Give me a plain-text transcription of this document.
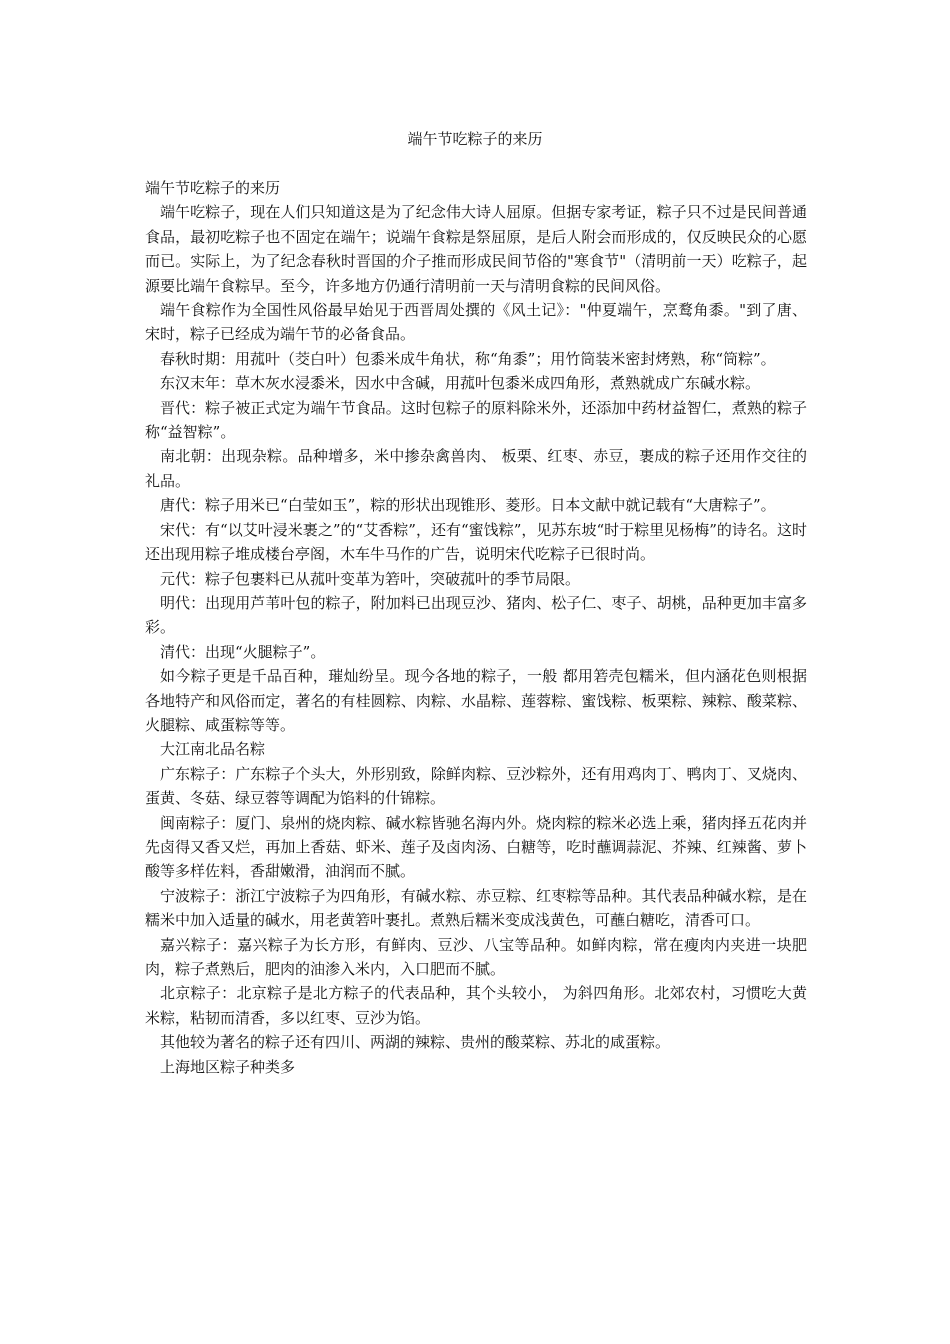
端午节吃粽子的来历

端午节吃粽子的来历

端午吃粽子，现在人们只知道这是为了纪念伟大诗人屈原。但据专家考证，粽子只不过是民间普通食品，最初吃粽子也不固定在端午；说端午食粽是祭屈原，是后人附会而形成的，仅反映民众的心愿而已。实际上，为了纪念春秋时晋国的介子推而形成民间节俗的"寒食节"（清明前一天）吃粽子，起源要比端午食粽早。至今，许多地方仍通行清明前一天与清明食粽的民间风俗。

端午食粽作为全国性风俗最早始见于西晋周处撰的《风土记》："仲夏端午，烹鹜角黍。"到了唐、宋时，粽子已经成为端午节的必备食品。

春秋时期：用菰叶（茭白叶）包黍米成牛角状，称“角黍”；用竹筒装米密封烤熟，称“筒粽”。

东汉末年：草木灰水浸黍米，因水中含碱，用菰叶包黍米成四角形，煮熟就成广东碱水粽。

晋代：粽子被正式定为端午节食品。这时包粽子的原料除米外，还添加中药材益智仁，煮熟的粽子称“益智粽”。

南北朝：出现杂粽。品种增多，米中掺杂禽兽肉、 板栗、红枣、赤豆，裹成的粽子还用作交往的礼品。

唐代：粽子用米已“白莹如玉”，粽的形状出现锥形、菱形。日本文献中就记载有“大唐粽子”。

宋代：有“以艾叶浸米裹之”的“艾香粽”，还有“蜜饯粽”，见苏东坡“时于粽里见杨梅”的诗名。这时还出现用粽子堆成楼台亭阁，木车牛马作的广告，说明宋代吃粽子已很时尚。

元代：粽子包裹料已从菰叶变革为箬叶，突破菰叶的季节局限。

明代：出现用芦苇叶包的粽子，附加料已出现豆沙、猪肉、松子仁、枣子、胡桃，品种更加丰富多彩。

清代：出现“火腿粽子”。

如今粽子更是千品百种，璀灿纷呈。现今各地的粽子，一般 都用箬壳包糯米，但内涵花色则根据各地特产和风俗而定，著名的有桂圆粽、肉粽、水晶粽、莲蓉粽、蜜饯粽、板栗粽、辣粽、酸菜粽、火腿粽、咸蛋粽等等。

大江南北品名粽

广东粽子：广东粽子个头大，外形别致，除鲜肉粽、豆沙粽外，还有用鸡肉丁、鸭肉丁、叉烧肉、蛋黄、冬菇、绿豆蓉等调配为馅料的什锦粽。

闽南粽子：厦门、泉州的烧肉粽、碱水粽皆驰名海内外。烧肉粽的粽米必选上乘，猪肉择五花肉并先卤得又香又烂，再加上香菇、虾米、莲子及卤肉汤、白糖等，吃时蘸调蒜泥、芥辣、红辣酱、萝卜酸等多样佐料，香甜嫩滑，油润而不腻。

宁波粽子：浙江宁波粽子为四角形，有碱水粽、赤豆粽、红枣粽等品种。其代表品种碱水粽，是在糯米中加入适量的碱水，用老黄箬叶裹扎。煮熟后糯米变成浅黄色，可蘸白糖吃，清香可口。

嘉兴粽子：嘉兴粽子为长方形，有鲜肉、豆沙、八宝等品种。如鲜肉粽，常在瘦肉内夹进一块肥肉，粽子煮熟后，肥肉的油渗入米内，入口肥而不腻。

北京粽子：北京粽子是北方粽子的代表品种，其个头较小， 为斜四角形。北郊农村，习惯吃大黄米粽，粘韧而清香，多以红枣、豆沙为馅。

其他较为著名的粽子还有四川、两湖的辣粽、贵州的酸菜粽、苏北的咸蛋粽。

上海地区粽子种类多
